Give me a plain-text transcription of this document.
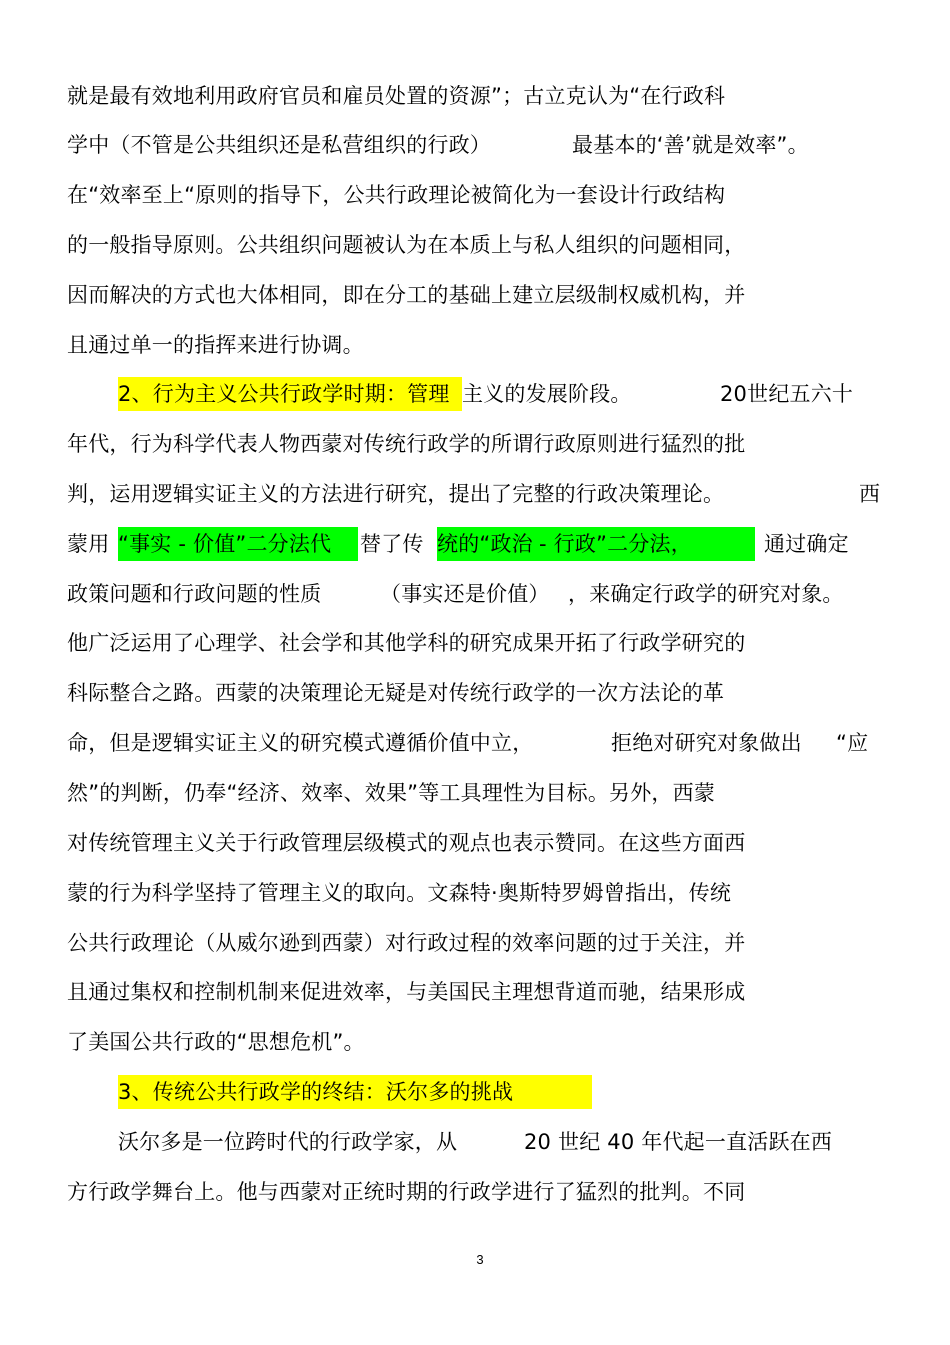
就是最有效地利用政府官员和雇员处置的资源”；古立克认为“在行政科
学中（不管是公共组织还是私营组织的行政）	最基本的‘善’就是效率”。
在“效率至上“原则的指导下，公共行政理论被简化为一套设计行政结构
的一般指导原则。公共组织问题被认为在本质上与私人组织的问题相同，
因而解决的方式也大体相同，即在分工的基础上建立层级制权威机构，并
且通过单一的指挥来进行协调。
2、行为主义公共行政学时期：管理 主义的发展阶段。	20世纪五六十
年代，行为科学代表人物西蒙对传统行政学的所谓行政原则进行猛烈的批
判，运用逻辑实证主义的方法进行研究，提出了完整的行政决策理论。	西
蒙用 “事实 - 价值”二分法代	替了传 统的“政治 - 行政”二分法，	通过确定
政策问题和行政问题的性质	（事实还是价值） ，来确定行政学的研究对象。
他广泛运用了心理学、社会学和其他学科的研究成果开拓了行政学研究的
科际整合之路。西蒙的决策理论无疑是对传统行政学的一次方法论的革
命，但是逻辑实证主义的研究模式遵循价值中立，	拒绝对研究对象做出 “应
然”的判断，仍奉“经济、效率、效果”等工具理性为目标。另外，西蒙
对传统管理主义关于行政管理层级模式的观点也表示赞同。在这些方面西
蒙的行为科学坚持了管理主义的取向。文森特·奥斯特罗姆曾指出，传统
公共行政理论（从威尔逊到西蒙）对行政过程的效率问题的过于关注，并
且通过集权和控制机制来促进效率，与美国民主理想背道而驰，结果形成
了美国公共行政的“思想危机”。
3、传统公共行政学的终结：沃尔多的挑战
沃尔多是一位跨时代的行政学家，从	20 世纪 40 年代起一直活跃在西
方行政学舞台上。他与西蒙对正统时期的行政学进行了猛烈的批判。不同
3
